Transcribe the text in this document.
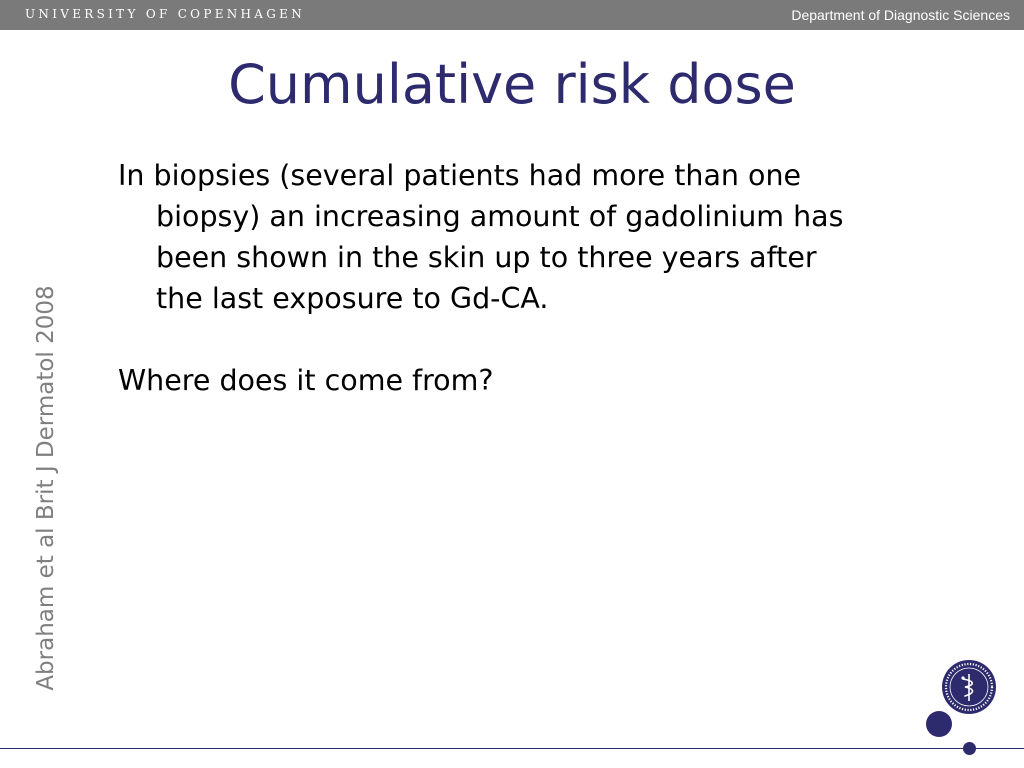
UNIVERSITY OF COPENHAGEN	Department of Diagnostic Sciences
Cumulative risk dose
Abraham et al Brit J Dermatol 2008

In biopsies (several patients had more than one biopsy) an increasing amount of gadolinium has been shown in the skin up to three years after the last exposure to Gd-CA.

Where does it come from?
